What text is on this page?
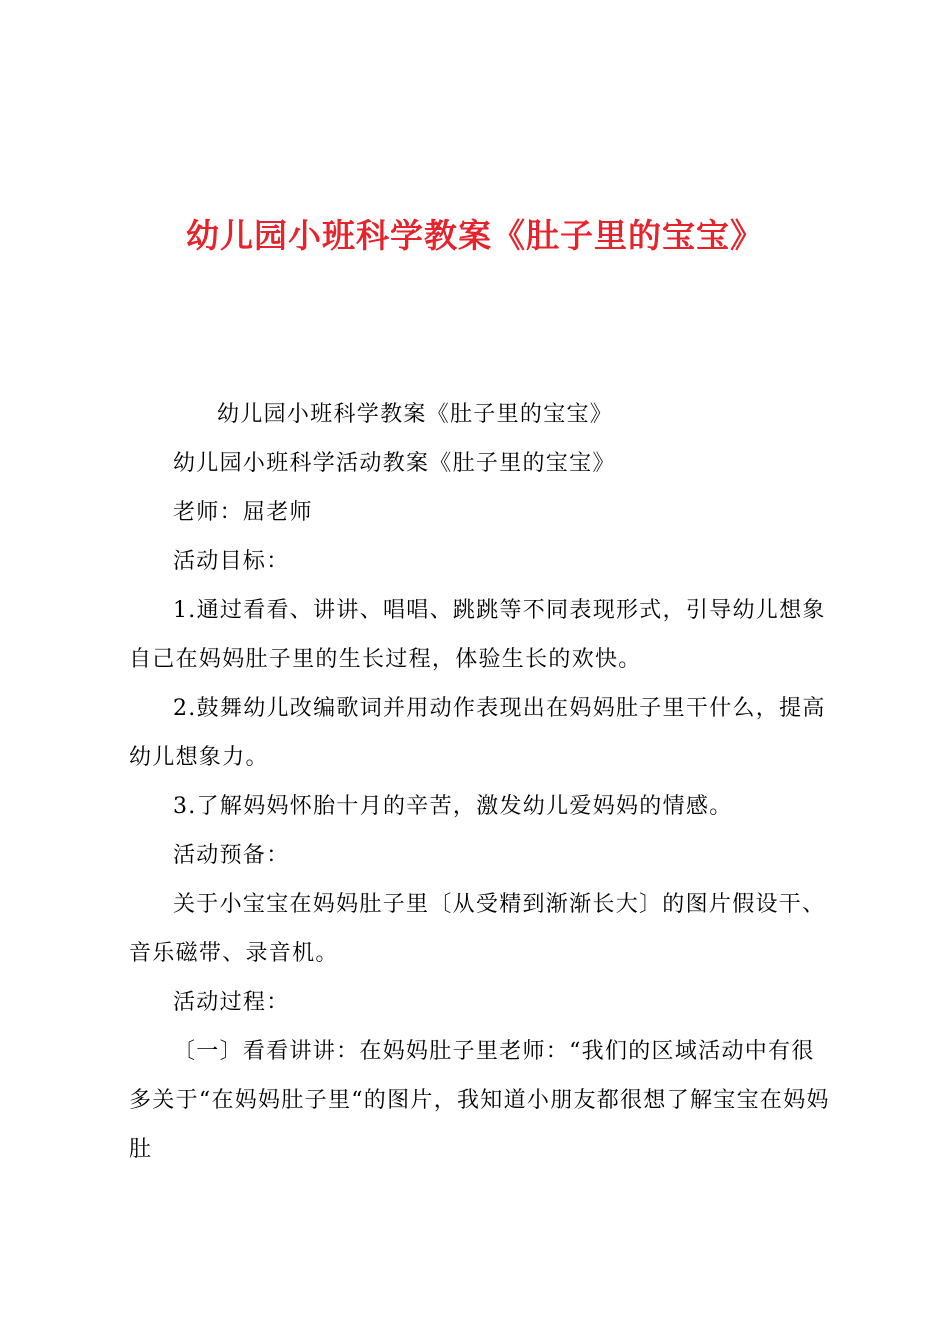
幼儿园小班科学教案《肚子里的宝宝》

幼儿园小班科学教案《肚子里的宝宝》

幼儿园小班科学活动教案《肚子里的宝宝》

老师：屈老师

活动目标：

1.通过看看、讲讲、唱唱、跳跳等不同表现形式，引导幼儿想象自己在妈妈肚子里的生长过程，体验生长的欢快。

2.鼓舞幼儿改编歌词并用动作表现出在妈妈肚子里干什么，提高幼儿想象力。

3.了解妈妈怀胎十月的辛苦，激发幼儿爱妈妈的情感。

活动预备：

关于小宝宝在妈妈肚子里〔从受精到渐渐长大〕的图片假设干、音乐磁带、录音机。

活动过程：

〔一〕看看讲讲：在妈妈肚子里老师：“我们的区域活动中有很多关于“在妈妈肚子里“的图片，我知道小朋友都很想了解宝宝在妈妈肚
